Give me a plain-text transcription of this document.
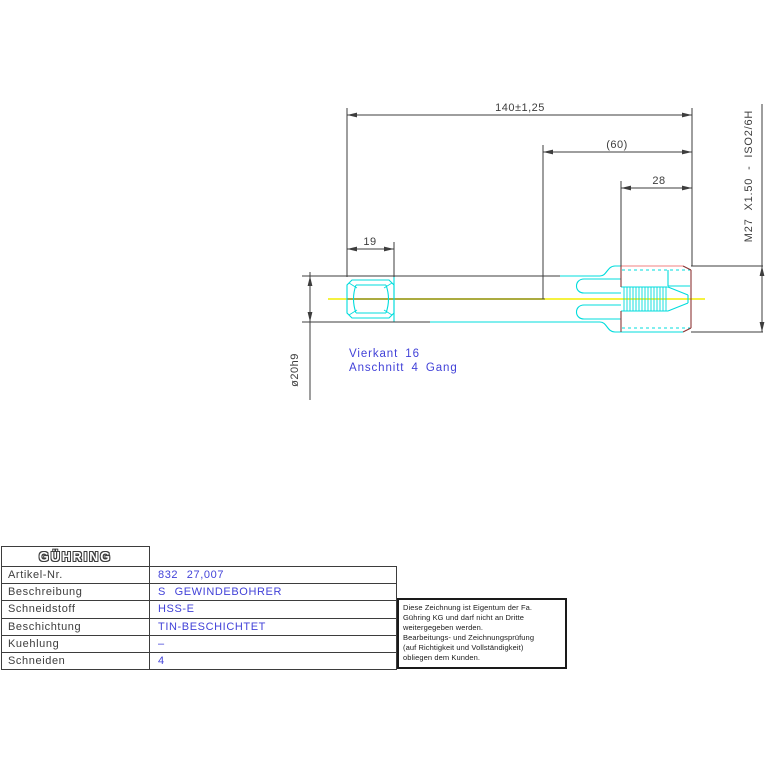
140±1,25
(60)
28
19
ø20h9
M27 X1.50 - ISO2/6H
Vierkant 16
Anschnitt 4 Gang
GÜHRING
Artikel-Nr.	832 27,007
Beschreibung	S GEWINDEBOHRER
Schneidstoff	HSS-E
Beschichtung	TIN-BESCHICHTET
Kuehlung	–
Schneiden	4
Diese Zeichnung ist Eigentum der Fa.
Gühring KG und darf nicht an Dritte
weitergegeben werden.
Bearbeitungs- und Zeichnungsprüfung
(auf Richtigkeit und Vollständigkeit)
obliegen dem Kunden.
